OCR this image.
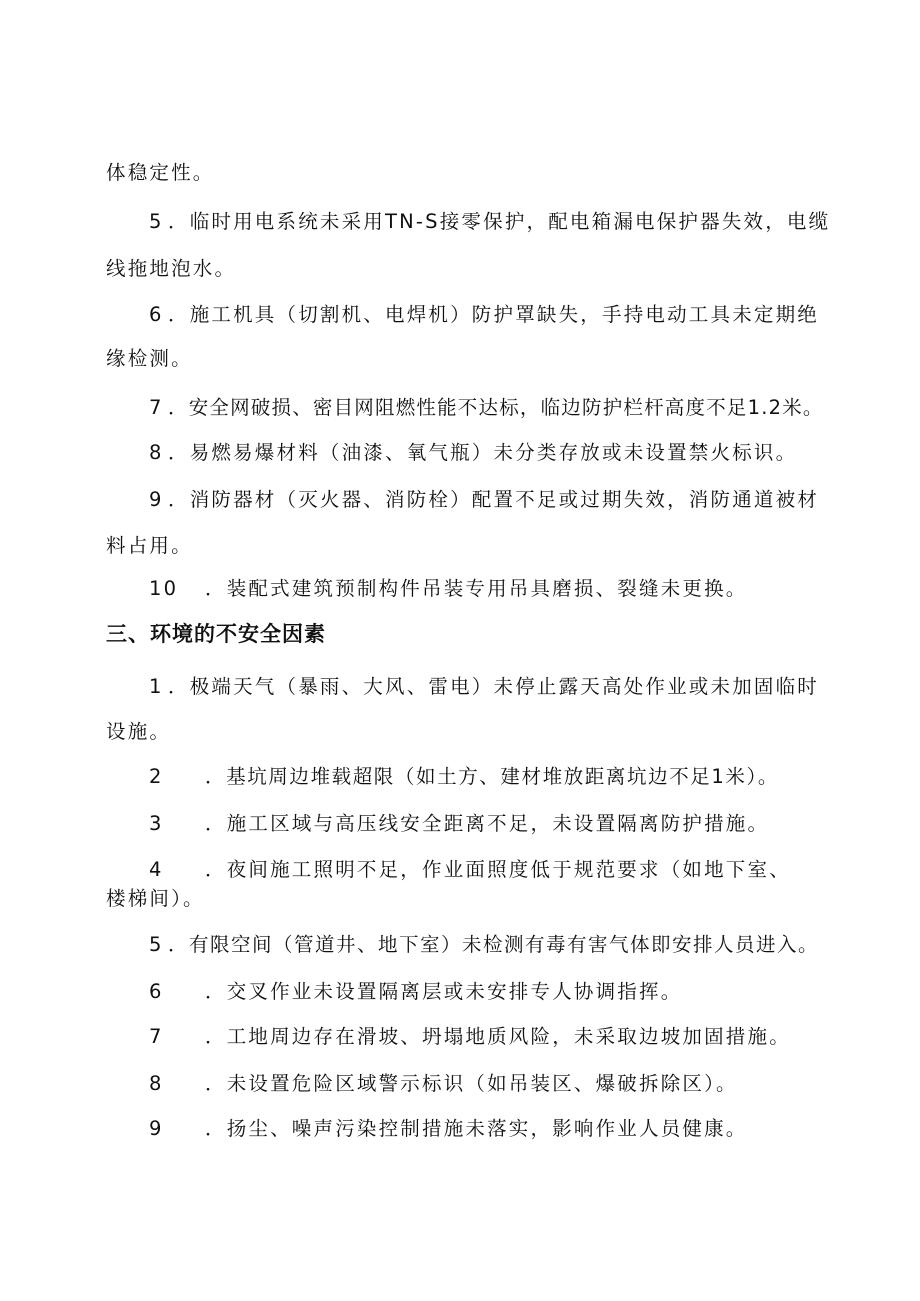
体稳定性。
5 ．临时用电系统未采用TN-S接零保护，配电箱漏电保护器失效，电缆
线拖地泡水。
6 ．施工机具（切割机、电焊机）防护罩缺失，手持电动工具未定期绝
缘检测。
7 ．安全网破损、密目网阻燃性能不达标，临边防护栏杆高度不足1.2米。
8 ．易燃易爆材料（油漆、氧气瓶）未分类存放或未设置禁火标识。
9 ．消防器材（灭火器、消防栓）配置不足或过期失效，消防通道被材
料占用。
10 ．装配式建筑预制构件吊装专用吊具磨损、裂缝未更换。
三、环境的不安全因素
1 ．极端天气（暴雨、大风、雷电）未停止露天高处作业或未加固临时
设施。
2 ．基坑周边堆载超限（如土方、建材堆放距离坑边不足1米）。
3 ．施工区域与高压线安全距离不足，未设置隔离防护措施。
4 ．夜间施工照明不足，作业面照度低于规范要求（如地下室、
楼梯间）。
5 ．有限空间（管道井、地下室）未检测有毒有害气体即安排人员进入。
6 ．交叉作业未设置隔离层或未安排专人协调指挥。
7 ．工地周边存在滑坡、坍塌地质风险，未采取边坡加固措施。
8 ．未设置危险区域警示标识（如吊装区、爆破拆除区）。
9 ．扬尘、噪声污染控制措施未落实，影响作业人员健康。
